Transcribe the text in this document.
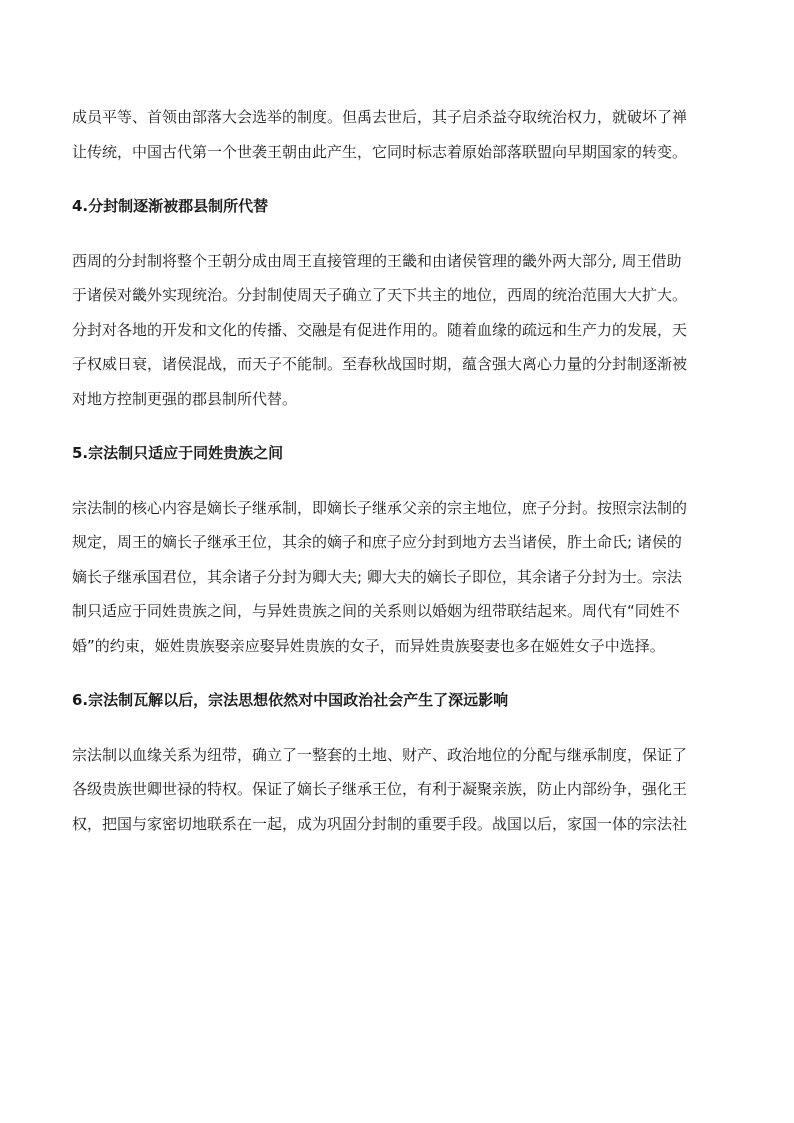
成员平等、首领由部落大会选举的制度。但禹去世后，其子启杀益夺取统治权力，就破坏了禅
让传统，中国古代第一个世袭王朝由此产生，它同时标志着原始部落联盟向早期国家的转变。

4.分封制逐渐被郡县制所代替

西周的分封制将整个王朝分成由周王直接管理的王畿和由诸侯管理的畿外两大部分, 周王借助
于诸侯对畿外实现统治。分封制使周天子确立了天下共主的地位，西周的统治范围大大扩大。
分封对各地的开发和文化的传播、交融是有促进作用的。随着血缘的疏远和生产力的发展，天
子权威日衰，诸侯混战，而天子不能制。至春秋战国时期，蕴含强大离心力量的分封制逐渐被
对地方控制更强的郡县制所代替。

5.宗法制只适应于同姓贵族之间

宗法制的核心内容是嫡长子继承制，即嫡长子继承父亲的宗主地位，庶子分封。按照宗法制的
规定，周王的嫡长子继承王位，其余的嫡子和庶子应分封到地方去当诸侯，胙土命氏; 诸侯的
嫡长子继承国君位，其余诸子分封为卿大夫; 卿大夫的嫡长子即位，其余诸子分封为士。宗法
制只适应于同姓贵族之间，与异姓贵族之间的关系则以婚姻为纽带联结起来。周代有“同姓不
婚”的约束，姬姓贵族娶亲应娶异姓贵族的女子，而异姓贵族娶妻也多在姬姓女子中选择。

6.宗法制瓦解以后，宗法思想依然对中国政治社会产生了深远影响

宗法制以血缘关系为纽带，确立了一整套的土地、财产、政治地位的分配与继承制度，保证了
各级贵族世卿世禄的特权。保证了嫡长子继承王位，有利于凝聚亲族，防止内部纷争，强化王
权，把国与家密切地联系在一起，成为巩固分封制的重要手段。战国以后，家国一体的宗法社
